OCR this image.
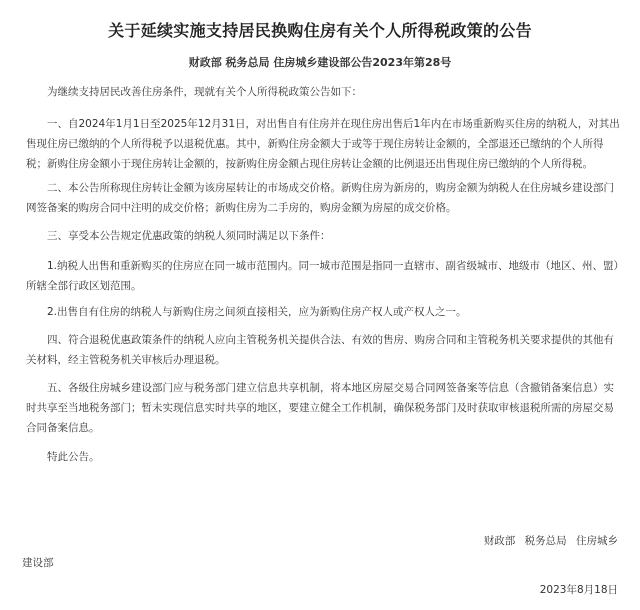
关于延续实施支持居民换购住房有关个人所得税政策的公告
财政部 税务总局 住房城乡建设部公告2023年第28号

为继续支持居民改善住房条件，现就有关个人所得税政策公告如下：

一、自2024年1月1日至2025年12月31日，对出售自有住房并在现住房出售后1年内在市场重新购买住房的纳税人，对其出售现住房已缴纳的个人所得税予以退税优惠。其中，新购住房金额大于或等于现住房转让金额的，全部退还已缴纳的个人所得税；新购住房金额小于现住房转让金额的，按新购住房金额占现住房转让金额的比例退还出售现住房已缴纳的个人所得税。

二、本公告所称现住房转让金额为该房屋转让的市场成交价格。新购住房为新房的，购房金额为纳税人在住房城乡建设部门网签备案的购房合同中注明的成交价格；新购住房为二手房的，购房金额为房屋的成交价格。

三、享受本公告规定优惠政策的纳税人须同时满足以下条件：

1.纳税人出售和重新购买的住房应在同一城市范围内。同一城市范围是指同一直辖市、副省级城市、地级市（地区、州、盟）所辖全部行政区划范围。

2.出售自有住房的纳税人与新购住房之间须直接相关，应为新购住房产权人或产权人之一。

四、符合退税优惠政策条件的纳税人应向主管税务机关提供合法、有效的售房、购房合同和主管税务机关要求提供的其他有关材料，经主管税务机关审核后办理退税。

五、各级住房城乡建设部门应与税务部门建立信息共享机制，将本地区房屋交易合同网签备案等信息（含撤销备案信息）实时共享至当地税务部门；暂未实现信息实时共享的地区，要建立健全工作机制，确保税务部门及时获取审核退税所需的房屋交易合同备案信息。

特此公告。

财政部 税务总局 住房城乡
建设部
2023年8月18日
